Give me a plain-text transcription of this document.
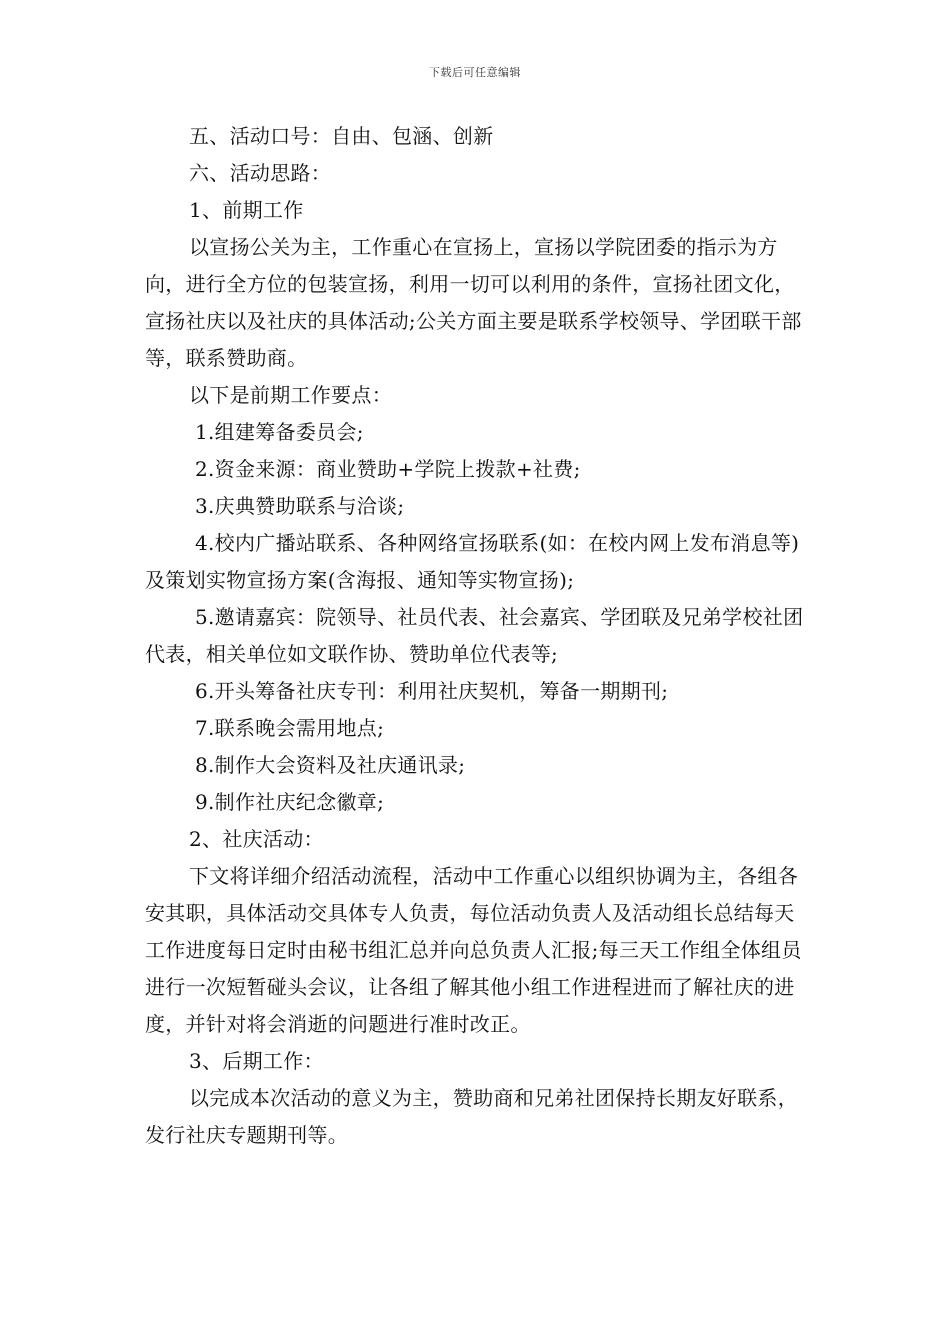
下载后可任意编辑

五、活动口号：自由、包涵、创新

六、活动思路：

1、前期工作

以宣扬公关为主，工作重心在宣扬上，宣扬以学院团委的指示为方向，进行全方位的包装宣扬，利用一切可以利用的条件，宣扬社团文化，宣扬社庆以及社庆的具体活动;公关方面主要是联系学校领导、学团联干部等，联系赞助商。

以下是前期工作要点：

1.组建筹备委员会;

2.资金来源：商业赞助+学院上拨款+社费;

3.庆典赞助联系与洽谈;

4.校内广播站联系、各种网络宣扬联系(如：在校内网上发布消息等)及策划实物宣扬方案(含海报、通知等实物宣扬);

5.邀请嘉宾：院领导、社员代表、社会嘉宾、学团联及兄弟学校社团代表，相关单位如文联作协、赞助单位代表等;

6.开头筹备社庆专刊：利用社庆契机，筹备一期期刊;

7.联系晚会需用地点;

8.制作大会资料及社庆通讯录;

9.制作社庆纪念徽章;

2、社庆活动：

下文将详细介绍活动流程，活动中工作重心以组织协调为主，各组各安其职，具体活动交具体专人负责，每位活动负责人及活动组长总结每天工作进度每日定时由秘书组汇总并向总负责人汇报;每三天工作组全体组员进行一次短暂碰头会议，让各组了解其他小组工作进程进而了解社庆的进度，并针对将会消逝的问题进行准时改正。

3、后期工作：

以完成本次活动的意义为主，赞助商和兄弟社团保持长期友好联系，发行社庆专题期刊等。
